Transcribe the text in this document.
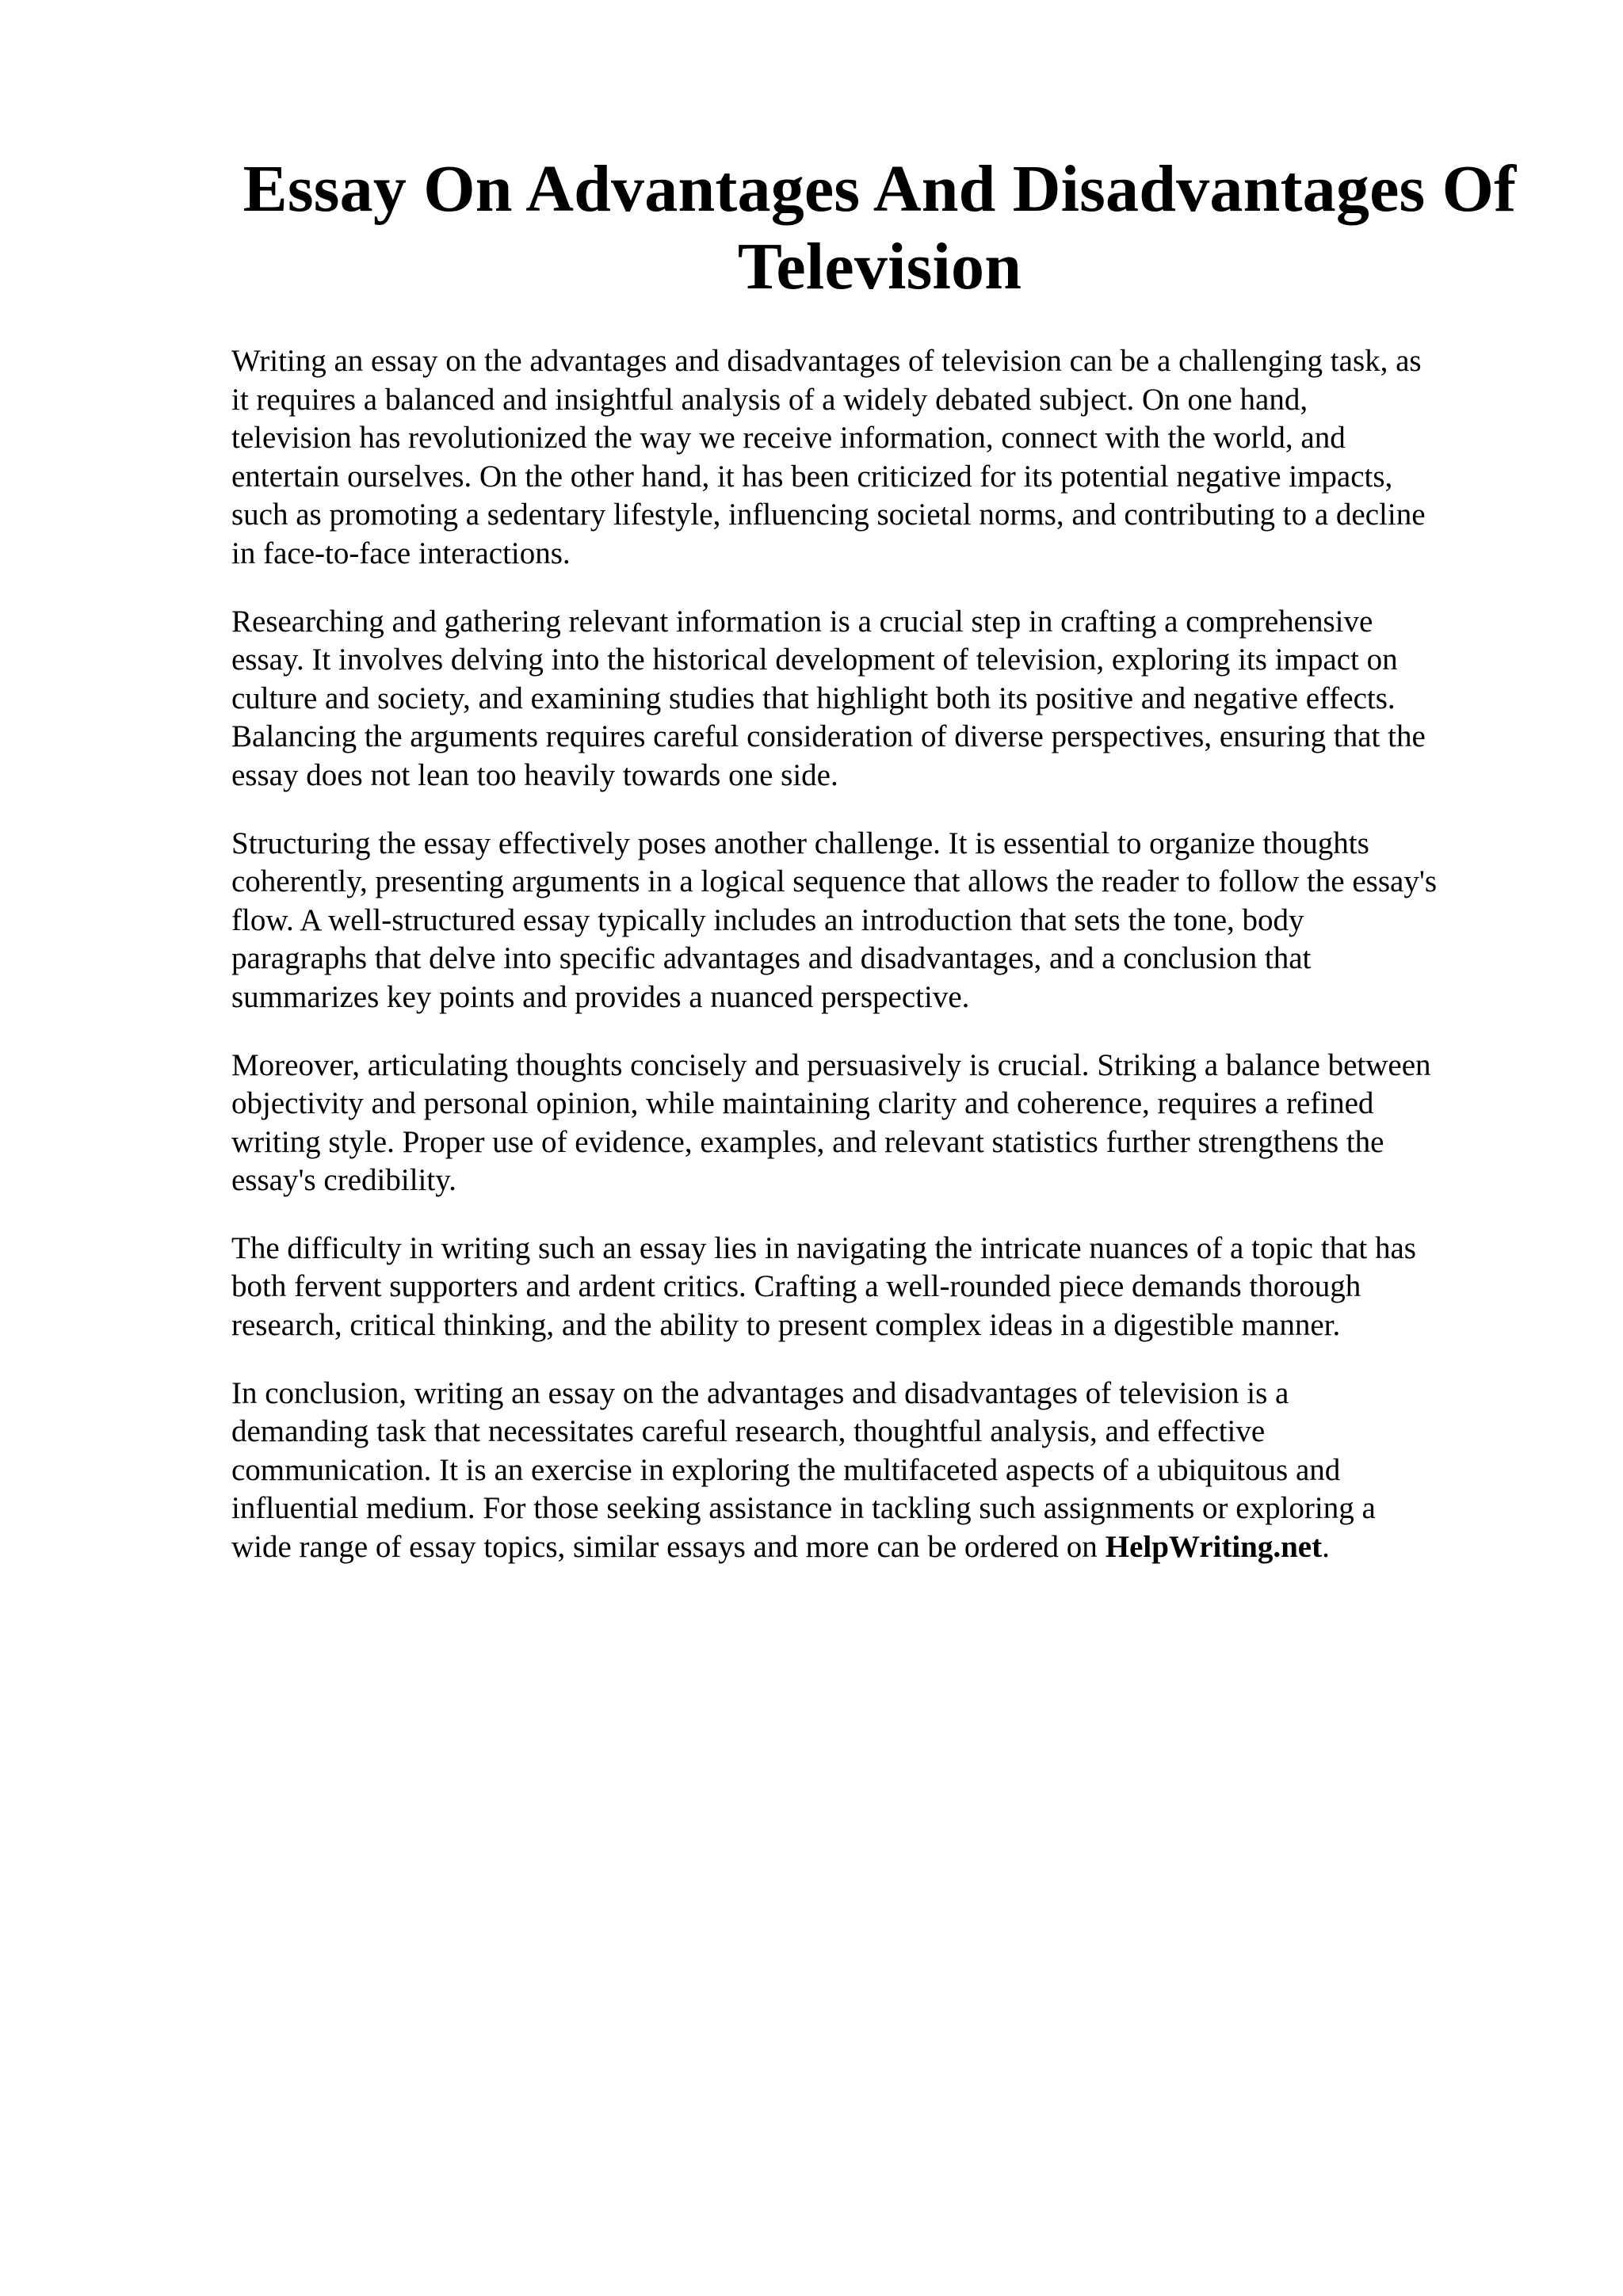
Essay On Advantages And Disadvantages Of
Television

Writing an essay on the advantages and disadvantages of television can be a challenging task, as
it requires a balanced and insightful analysis of a widely debated subject. On one hand,
television has revolutionized the way we receive information, connect with the world, and
entertain ourselves. On the other hand, it has been criticized for its potential negative impacts,
such as promoting a sedentary lifestyle, influencing societal norms, and contributing to a decline
in face-to-face interactions.

Researching and gathering relevant information is a crucial step in crafting a comprehensive
essay. It involves delving into the historical development of television, exploring its impact on
culture and society, and examining studies that highlight both its positive and negative effects.
Balancing the arguments requires careful consideration of diverse perspectives, ensuring that the
essay does not lean too heavily towards one side.

Structuring the essay effectively poses another challenge. It is essential to organize thoughts
coherently, presenting arguments in a logical sequence that allows the reader to follow the essay's
flow. A well-structured essay typically includes an introduction that sets the tone, body
paragraphs that delve into specific advantages and disadvantages, and a conclusion that
summarizes key points and provides a nuanced perspective.

Moreover, articulating thoughts concisely and persuasively is crucial. Striking a balance between
objectivity and personal opinion, while maintaining clarity and coherence, requires a refined
writing style. Proper use of evidence, examples, and relevant statistics further strengthens the
essay's credibility.

The difficulty in writing such an essay lies in navigating the intricate nuances of a topic that has
both fervent supporters and ardent critics. Crafting a well-rounded piece demands thorough
research, critical thinking, and the ability to present complex ideas in a digestible manner.

In conclusion, writing an essay on the advantages and disadvantages of television is a
demanding task that necessitates careful research, thoughtful analysis, and effective
communication. It is an exercise in exploring the multifaceted aspects of a ubiquitous and
influential medium. For those seeking assistance in tackling such assignments or exploring a
wide range of essay topics, similar essays and more can be ordered on HelpWriting.net.
